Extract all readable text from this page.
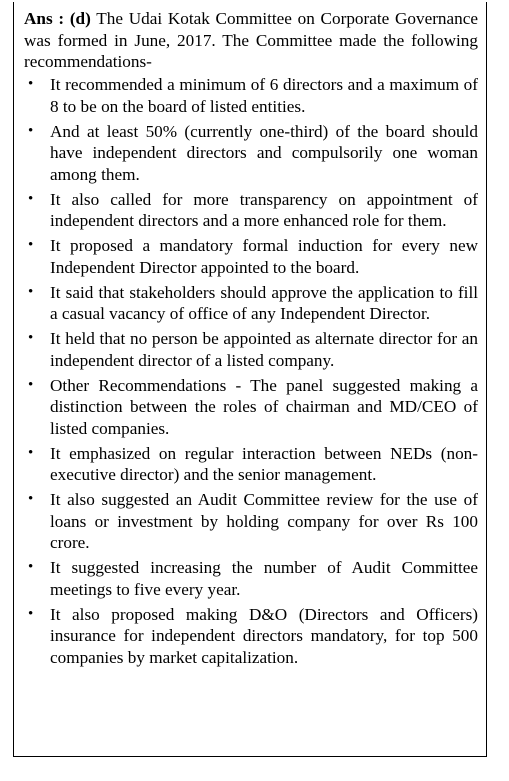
Ans : (d) The Udai Kotak Committee on Corporate Governance was formed in June, 2017. The Committee made the following recommendations-
• It recommended a minimum of 6 directors and a maximum of 8 to be on the board of listed entities.
• And at least 50% (currently one-third) of the board should have independent directors and compulsorily one woman among them.
• It also called for more transparency on appointment of independent directors and a more enhanced role for them.
• It proposed a mandatory formal induction for every new Independent Director appointed to the board.
• It said that stakeholders should approve the application to fill a casual vacancy of office of any Independent Director.
• It held that no person be appointed as alternate director for an independent director of a listed company.
• Other Recommendations - The panel suggested making a distinction between the roles of chairman and MD/CEO of listed companies.
• It emphasized on regular interaction between NEDs (non-executive director) and the senior management.
• It also suggested an Audit Committee review for the use of loans or investment by holding company for over Rs 100 crore.
• It suggested increasing the number of Audit Committee meetings to five every year.
• It also proposed making D&O (Directors and Officers) insurance for independent directors mandatory, for top 500 companies by market capitalization.
